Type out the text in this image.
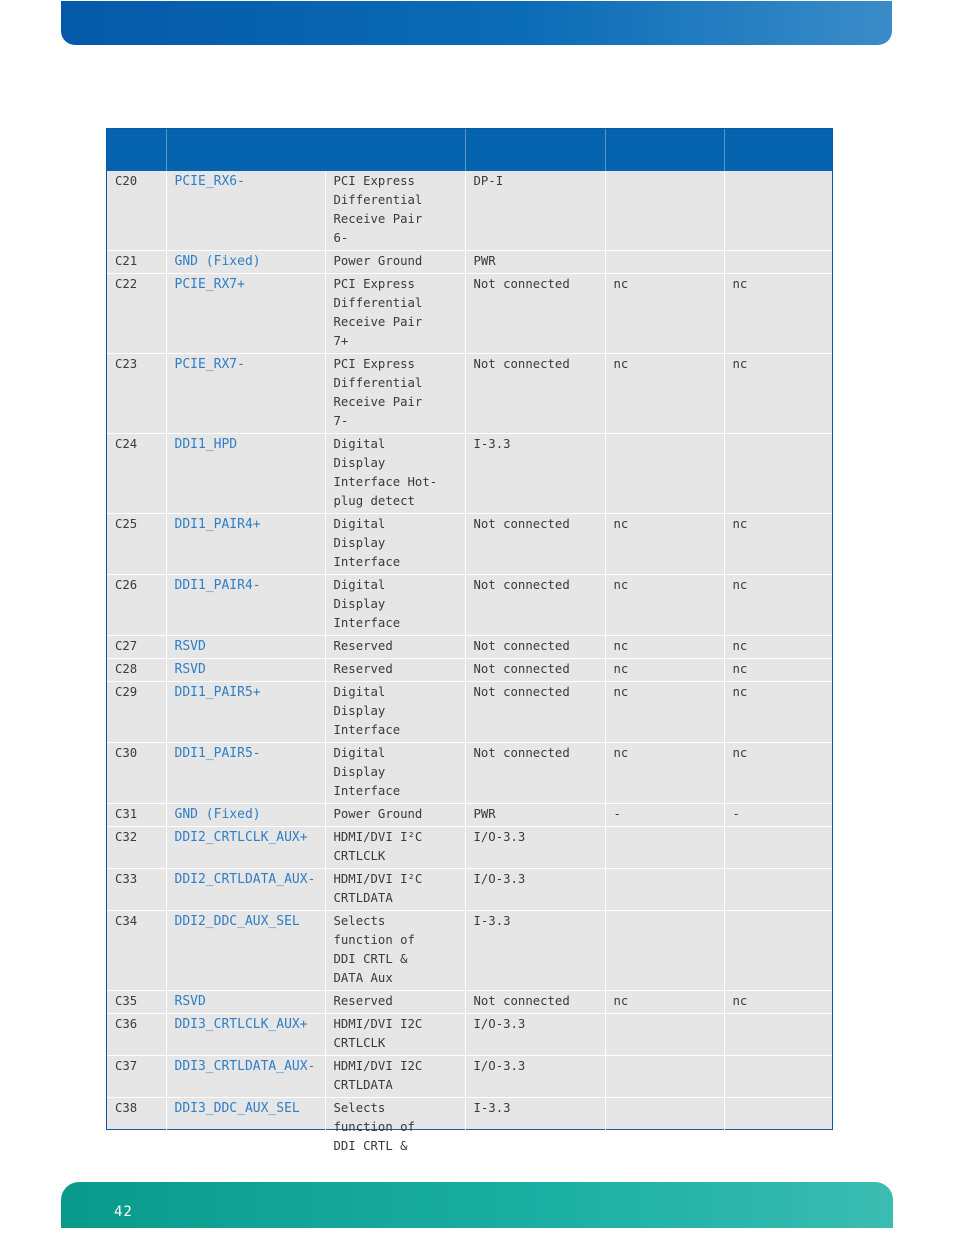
C20	PCIE_RX6-	PCI Express
Differential
Receive Pair
6-	DP-I		
C21	GND (Fixed)	Power Ground	PWR		
C22	PCIE_RX7+	PCI Express
Differential
Receive Pair
7+	Not connected	nc	nc
C23	PCIE_RX7-	PCI Express
Differential
Receive Pair
7-	Not connected	nc	nc
C24	DDI1_HPD	Digital
Display
Interface Hot-
plug detect	I-3.3		
C25	DDI1_PAIR4+	Digital
Display
Interface	Not connected	nc	nc
C26	DDI1_PAIR4-	Digital
Display
Interface	Not connected	nc	nc
C27	RSVD	Reserved	Not connected	nc	nc
C28	RSVD	Reserved	Not connected	nc	nc
C29	DDI1_PAIR5+	Digital
Display
Interface	Not connected	nc	nc
C30	DDI1_PAIR5-	Digital
Display
Interface	Not connected	nc	nc
C31	GND (Fixed)	Power Ground	PWR	-	-
C32	DDI2_CRTLCLK_AUX+	HDMI/DVI I²C
CRTLCLK	I/O-3.3		
C33	DDI2_CRTLDATA_AUX-	HDMI/DVI I²C
CRTLDATA	I/O-3.3		
C34	DDI2_DDC_AUX_SEL	Selects
function of
DDI CRTL &
DATA Aux	I-3.3		
C35	RSVD	Reserved	Not connected	nc	nc
C36	DDI3_CRTLCLK_AUX+	HDMI/DVI I2C
CRTLCLK	I/O-3.3		
C37	DDI3_CRTLDATA_AUX-	HDMI/DVI I2C
CRTLDATA	I/O-3.3		
C38	DDI3_DDC_AUX_SEL	Selects
function of
DDI CRTL &	I-3.3		
42
